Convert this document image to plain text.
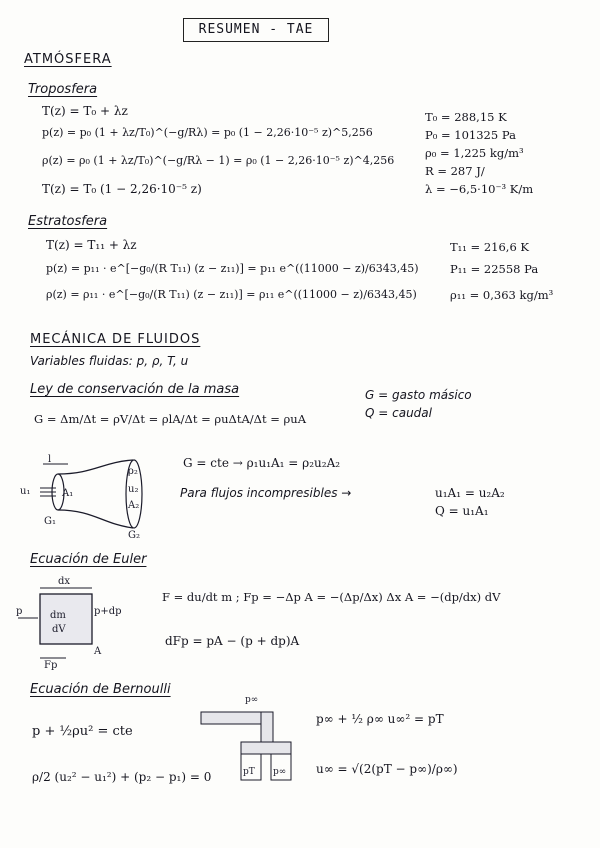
RESUMEN - TAE
ATMÓSFERA
Troposfera
T(z) = T₀ + λz
p(z) = p₀ (1 + λz/T₀)^(−g/Rλ) = p₀ (1 − 2,26·10⁻⁵ z)^5,256
ρ(z) = ρ₀ (1 + λz/T₀)^(−g/Rλ − 1) = ρ₀ (1 − 2,26·10⁻⁵ z)^4,256
T(z) = T₀ (1 − 2,26·10⁻⁵ z)
T₀ = 288,15 K
P₀ = 101325 Pa
ρ₀ = 1,225 kg/m³
R = 287 J/
λ = −6,5·10⁻³ K/m
Estratosfera
T(z) = T₁₁ + λz
p(z) = p₁₁ · e^[−g₀/(R T₁₁) (z − z₁₁)] = p₁₁ e^((11000 − z)/6343,45)
ρ(z) = ρ₁₁ · e^[−g₀/(R T₁₁) (z − z₁₁)] = ρ₁₁ e^((11000 − z)/6343,45)
T₁₁ = 216,6 K
P₁₁ = 22558 Pa
ρ₁₁ = 0,363 kg/m³
MECÁNICA DE FLUIDOS
Variables fluidas: p, ρ, T, u
Ley de conservación de la masa
G = Δm/Δt = ρV/Δt = ρlA/Δt = ρuΔtA/Δt = ρuA
G = gasto másico
Q = caudal
l
u₁	A₁
G₁
ρ₂
u₂
A₂
G₂
G = cte → ρ₁u₁A₁ = ρ₂u₂A₂
Para flujos incompresibles →	u₁A₁ = u₂A₂
Q = u₁A₁
Ecuación de Euler
dx
p	p+dp
dm
dV
Fp
A
F = du/dt m ; Fp = −Δp A = −(Δp/Δx) Δx A = −(dp/dx) dV
dFp = pA − (p + dp)A
Ecuación de Bernoulli
p + ½ρu² = cte
ρ/2 (u₂² − u₁²) + (p₂ − p₁) = 0
p∞
pT p∞
p∞ + ½ ρ∞ u∞² = pT
u∞ = √(2(pT − p∞)/ρ∞)
